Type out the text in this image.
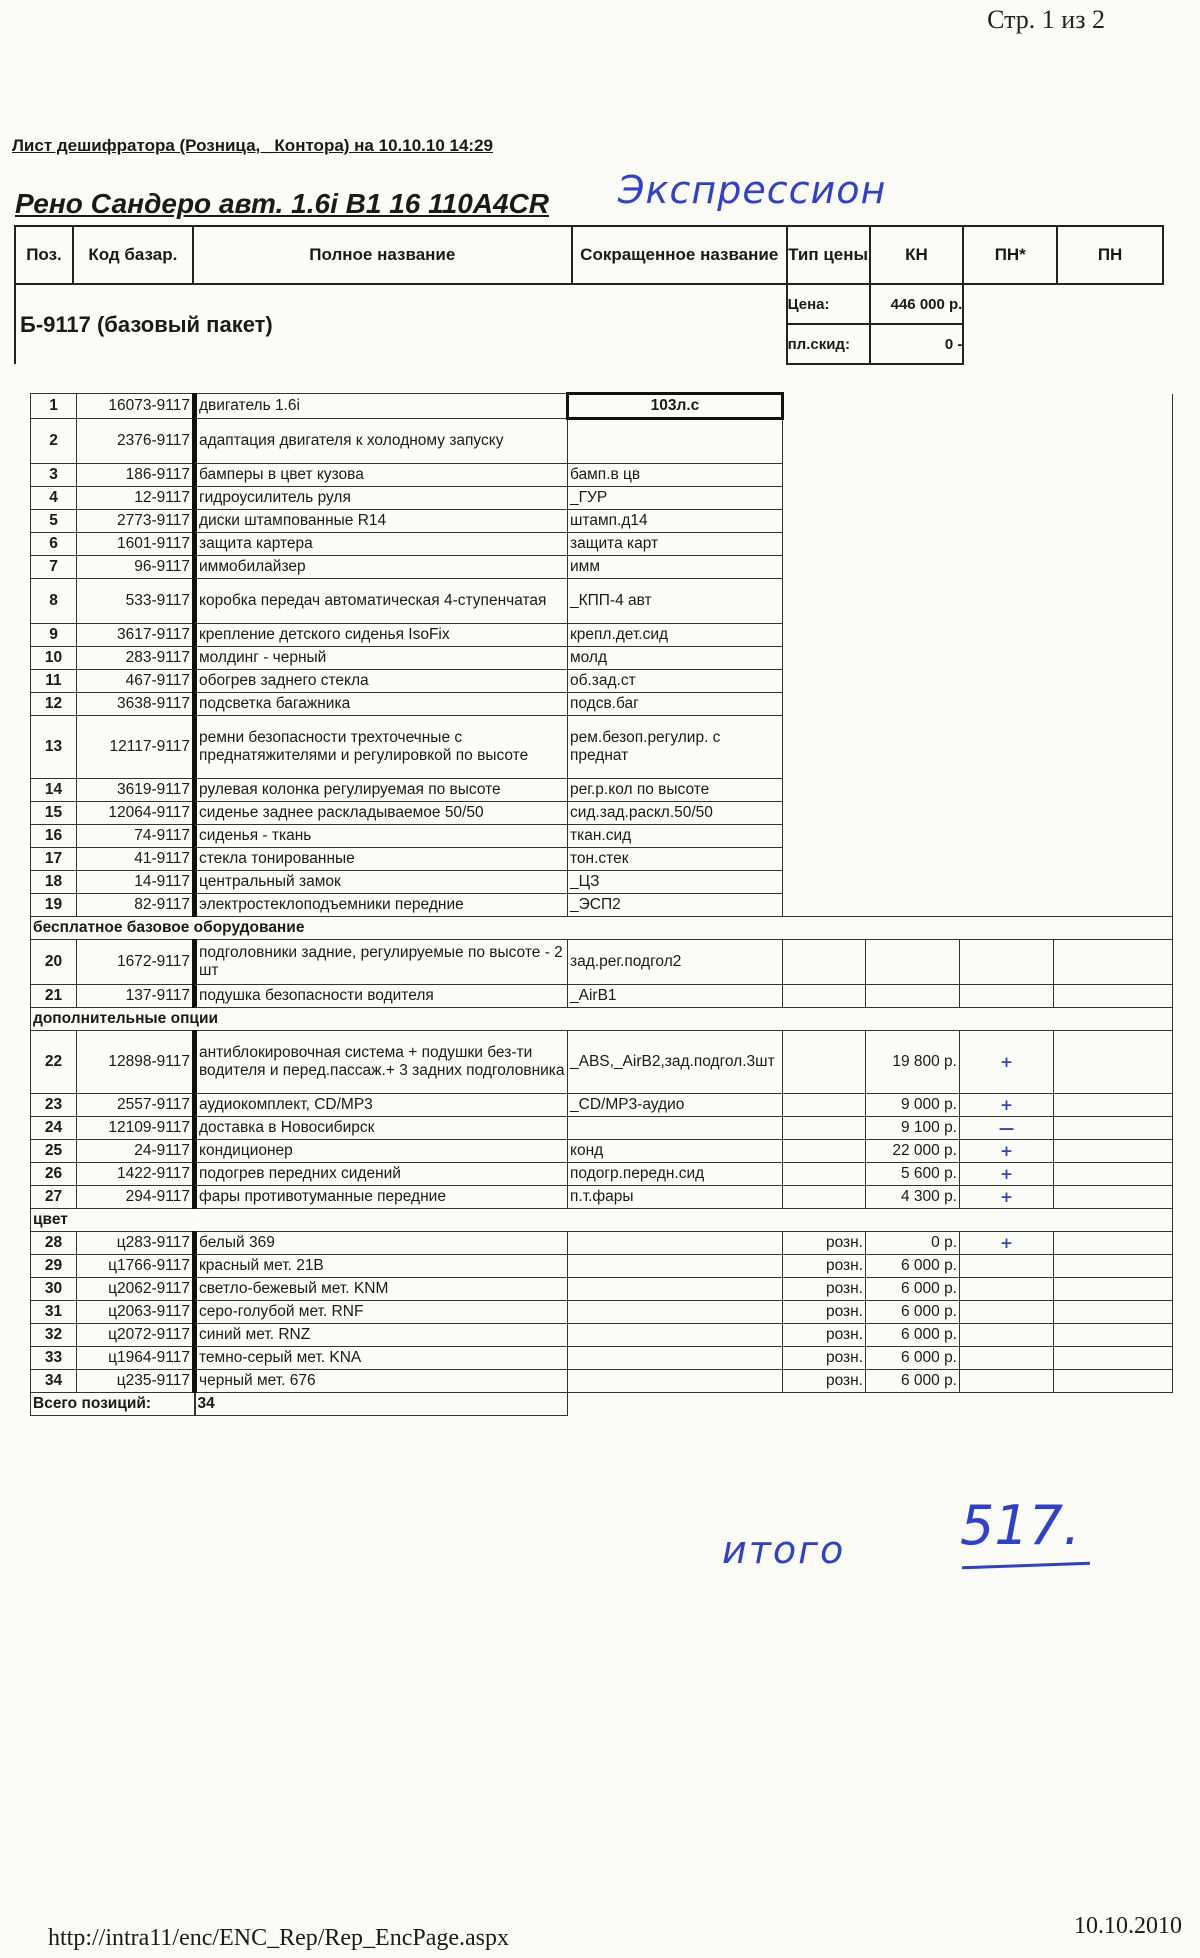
Стр. 1 из 2
Лист дешифратора (Розница, _Контора) на 10.10.10 14:29
Рено Сандеро авт. 1.6i B1 16 110A4CR Экспрессион
Поз.	Код базар.	Полное название	Сокращенное название	Тип цены	КН	ПН*	ПН
Б-9117 (базовый пакет)				Цена:	446 000 р.		
				пл.скид:	0 -		
1	16073-9117	двигатель 1.6i	103л.с				
2	2376-9117	адаптация двигателя к холодному запуску					
3	186-9117	бамперы в цвет кузова	бамп.в цв				
4	12-9117	гидроусилитель руля	_ГУР				
5	2773-9117	диски штампованные R14	штамп.д14				
6	1601-9117	защита картера	защита карт				
7	96-9117	иммобилайзер	имм				
8	533-9117	коробка передач автоматическая 4-ступенчатая	_КПП-4 авт				
9	3617-9117	крепление детского сиденья IsoFix	крепл.дет.сид				
10	283-9117	молдинг - черный	молд				
11	467-9117	обогрев заднего стекла	об.зад.ст				
12	3638-9117	подсветка багажника	подсв.баг				
13	12117-9117	ремни безопасности трехточечные с преднатяжителями и регулировкой по высоте	рем.безоп.регулир. с преднат				
14	3619-9117	рулевая колонка регулируемая по высоте	рег.р.кол по высоте				
15	12064-9117	сиденье заднее раскладываемое 50/50	сид.зад.раскл.50/50				
16	74-9117	сиденья - ткань	ткан.сид				
17	41-9117	стекла тонированные	тон.стек				
18	14-9117	центральный замок	_ЦЗ				
19	82-9117	электростеклоподъемники передние	_ЭСП2				
бесплатное базовое оборудование							
20	1672-9117	подголовники задние, регулируемые по высоте - 2 шт	зад.рег.подгол2				
21	137-9117	подушка безопасности водителя	_AirB1				
дополнительные опции							
22	12898-9117	антиблокировочная система + подушки без-ти водителя и перед.пассаж.+ 3 задних подголовника	_ABS,_AirB2,зад.подгол.3шт		19 800 р.	+	
23	2557-9117	аудиокомплект, CD/MP3	_CD/MP3-аудио		9 000 р.	+	
24	12109-9117	доставка в Новосибирск			9 100 р.	—	
25	24-9117	кондиционер	конд		22 000 р.	+	
26	1422-9117	подогрев передних сидений	подогр.передн.сид		5 600 р.	+	
27	294-9117	фары противотуманные передние	п.т.фары		4 300 р.	+	
цвет							
28	ц283-9117	белый 369		розн.	0 р.	+	
29	ц1766-9117	красный мет. 21B		розн.	6 000 р.		
30	ц2062-9117	светло-бежевый мет. KNM		розн.	6 000 р.		
31	ц2063-9117	серо-голубой мет. RNF		розн.	6 000 р.		
32	ц2072-9117	синий мет. RNZ		розн.	6 000 р.		
33	ц1964-9117	темно-серый мет. KNA		розн.	6 000 р.		
34	ц235-9117	черный мет. 676		розн.	6 000 р.		
Всего позиций:		34					
итого 517.
http://intra11/enc/ENC_Rep/Rep_EncPage.aspx	10.10.2010
